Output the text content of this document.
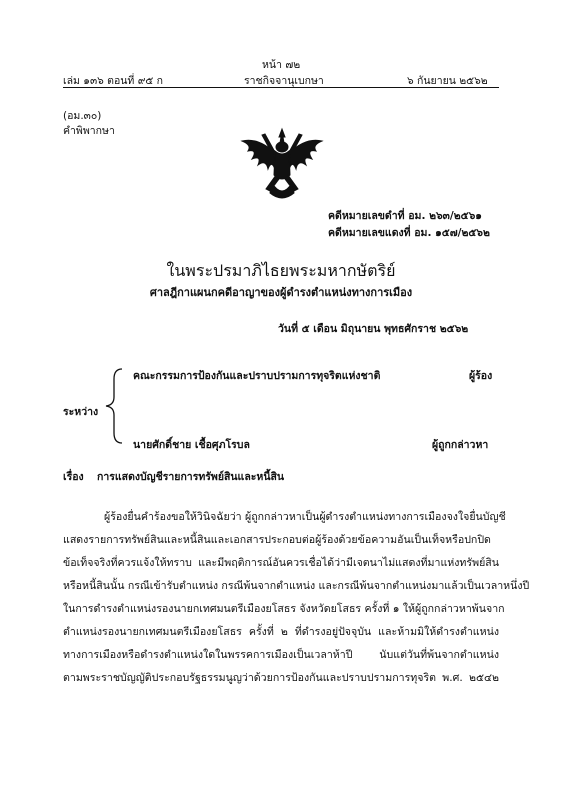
หน้า ๗๒
เล่ม ๑๓๖ ตอนที่ ๙๕ ก	ราชกิจจานุเบกษา	๖ กันยายน ๒๕๖๒
(อม.๓๐)
คำพิพากษา
คดีหมายเลขดำที่ อม. ๒๖๓/๒๕๖๑
คดีหมายเลขแดงที่ อม. ๑๕๗/๒๕๖๒
ในพระปรมาภิไธยพระมหากษัตริย์
ศาลฎีกาแผนกคดีอาญาของผู้ดำรงตำแหน่งทางการเมือง
วันที่ ๕ เดือน มิถุนายน พุทธศักราช ๒๕๖๒
คณะกรรมการป้องกันและปราบปรามการทุจริตแห่งชาติ	ผู้ร้อง
ระหว่าง
นายศักดิ์ชาย เชื้อศุภโรบล	ผู้ถูกกล่าวหา
เรื่อง การแสดงบัญชีรายการทรัพย์สินและหนี้สิน
ผู้ร้องยื่นคำร้องขอให้วินิจฉัยว่า ผู้ถูกกล่าวหาเป็นผู้ดำรงตำแหน่งทางการเมืองจงใจยื่นบัญชี
แสดงรายการทรัพย์สินและหนี้สินและเอกสารประกอบต่อผู้ร้องด้วยข้อความอันเป็นเท็จหรือปกปิด
ข้อเท็จจริงที่ควรแจ้งให้ทราบ และมีพฤติการณ์อันควรเชื่อได้ว่ามีเจตนาไม่แสดงที่มาแห่งทรัพย์สิน
หรือหนี้สินนั้น กรณีเข้ารับตำแหน่ง กรณีพ้นจากตำแหน่ง และกรณีพ้นจากตำแหน่งมาแล้วเป็นเวลาหนึ่งปี
ในการดำรงตำแหน่งรองนายกเทศมนตรีเมืองยโสธร จังหวัดยโสธร ครั้งที่ ๑ ให้ผู้ถูกกล่าวหาพ้นจาก
ตำแหน่งรองนายกเทศมนตรีเมืองยโสธร ครั้งที่ ๒ ที่ดำรงอยู่ปัจจุบัน และห้ามมิให้ดำรงตำแหน่ง
ทางการเมืองหรือดำรงตำแหน่งใดในพรรคการเมืองเป็นเวลาห้าปี นับแต่วันที่พ้นจากตำแหน่ง
ตามพระราชบัญญัติประกอบรัฐธรรมนูญว่าด้วยการป้องกันและปราบปรามการทุจริต พ.ศ. ๒๕๔๒
